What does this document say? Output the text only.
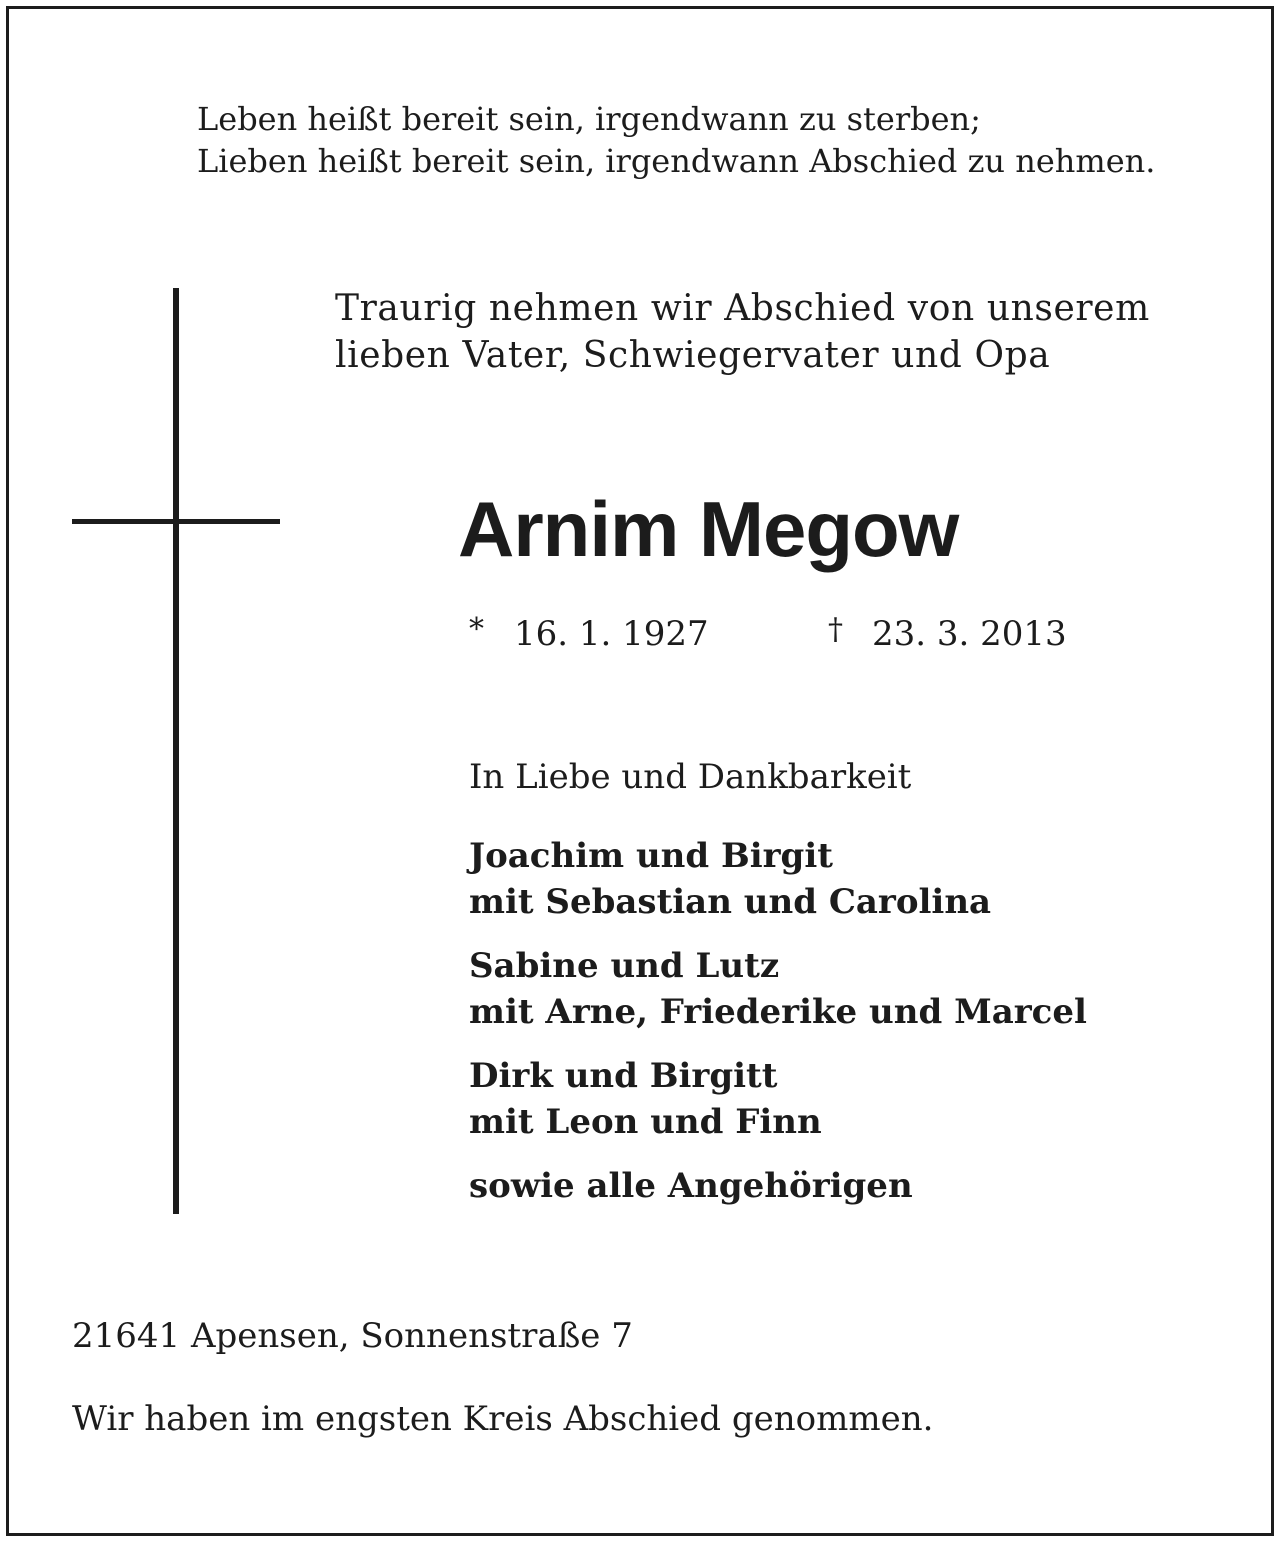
Leben heißt bereit sein, irgendwann zu sterben;
Lieben heißt bereit sein, irgendwann Abschied zu nehmen.
Traurig nehmen wir Abschied von unserem
lieben Vater, Schwiegervater und Opa
Arnim Megow
* 16. 1. 1927	† 23. 3. 2013
In Liebe und Dankbarkeit
Joachim und Birgit
mit Sebastian und Carolina
Sabine und Lutz
mit Arne, Friederike und Marcel
Dirk und Birgitt
mit Leon und Finn
sowie alle Angehörigen
21641 Apensen, Sonnenstraße 7
Wir haben im engsten Kreis Abschied genommen.
